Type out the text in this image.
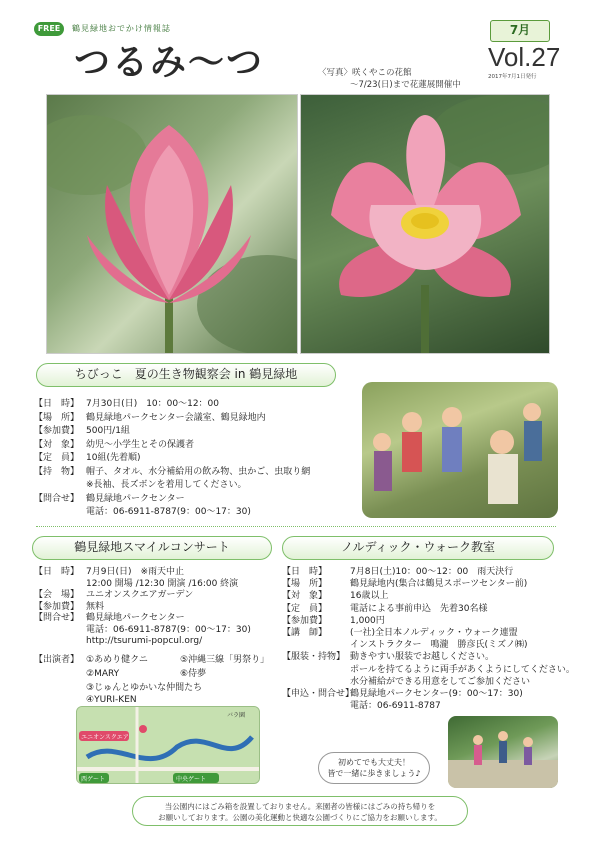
FREE	鶴見緑地おでかけ情報誌
つるみ〜つ	〈写真〉咲くやこの花館
〜7/23(日)まで花蓮展開催中
7月
Vol.27
2017年7月1日発行
ちびっこ　夏の生き物観察会 in 鶴見緑地
【日　時】 7月30日(日)　10：00〜12：00
【場　所】 鶴見緑地パークセンター会議室、鶴見緑地内
【参加費】 500円/1組
【対　象】 幼児〜小学生とその保護者
【定　員】 10組(先着順)
【持　物】 帽子、タオル、水分補給用の飲み物、虫かご、虫取り網
※長袖、長ズボンを着用してください。
【問合せ】 鶴見緑地パークセンター
電話：06-6911-8787(9：00〜17：30)
鶴見緑地スマイルコンサート
【日　時】 7月9日(日)　※雨天中止
12:00 開場 /12:30 開演 /16:00 終演
【会　場】 ユニオンスクエアガーデン
【参加費】 無料
【問合せ】 鶴見緑地パークセンター
電話：06-6911-8787(9：00〜17：30)
http://tsurumi-popcul.org/
【出演者】 ①あめり健クニ	⑤沖縄三線「男祭り」
②MARY	⑥侍夢
③じゅんとゆかいな仲間たち
④YURI-KEN
ユニオンスクエア
西ゲート	中央ゲート
バラ園
ノルディック・ウォーク教室
【日　時】	7月8日(土)10：00〜12：00　雨天決行
【場　所】	鶴見緑地内(集合は鶴見スポーツセンター前)
【対　象】	16歳以上
【定　員】	電話による事前申込　先着30名様
【参加費】	1,000円
【講　師】	(一社)全日本ノルディック・ウォーク連盟
インストラクター　鳴瀧　勝彦氏(ミズノ㈱)
【服装・持物】 動きやすい服装でお越しください。
ポールを持てるように両手があくようにしてください。
水分補給ができる用意をしてご参加ください
【申込・問合せ】鶴見緑地パークセンター(9：00〜17：30)
電話：06-6911-8787
初めてでも大丈夫！
皆で一緒に歩きましょう♪
当公園内にはごみ箱を設置しておりません。来園者の皆様にはごみの持ち帰りを
お願いしております。公園の美化運動と快適な公園づくりにご協力をお願いします。
